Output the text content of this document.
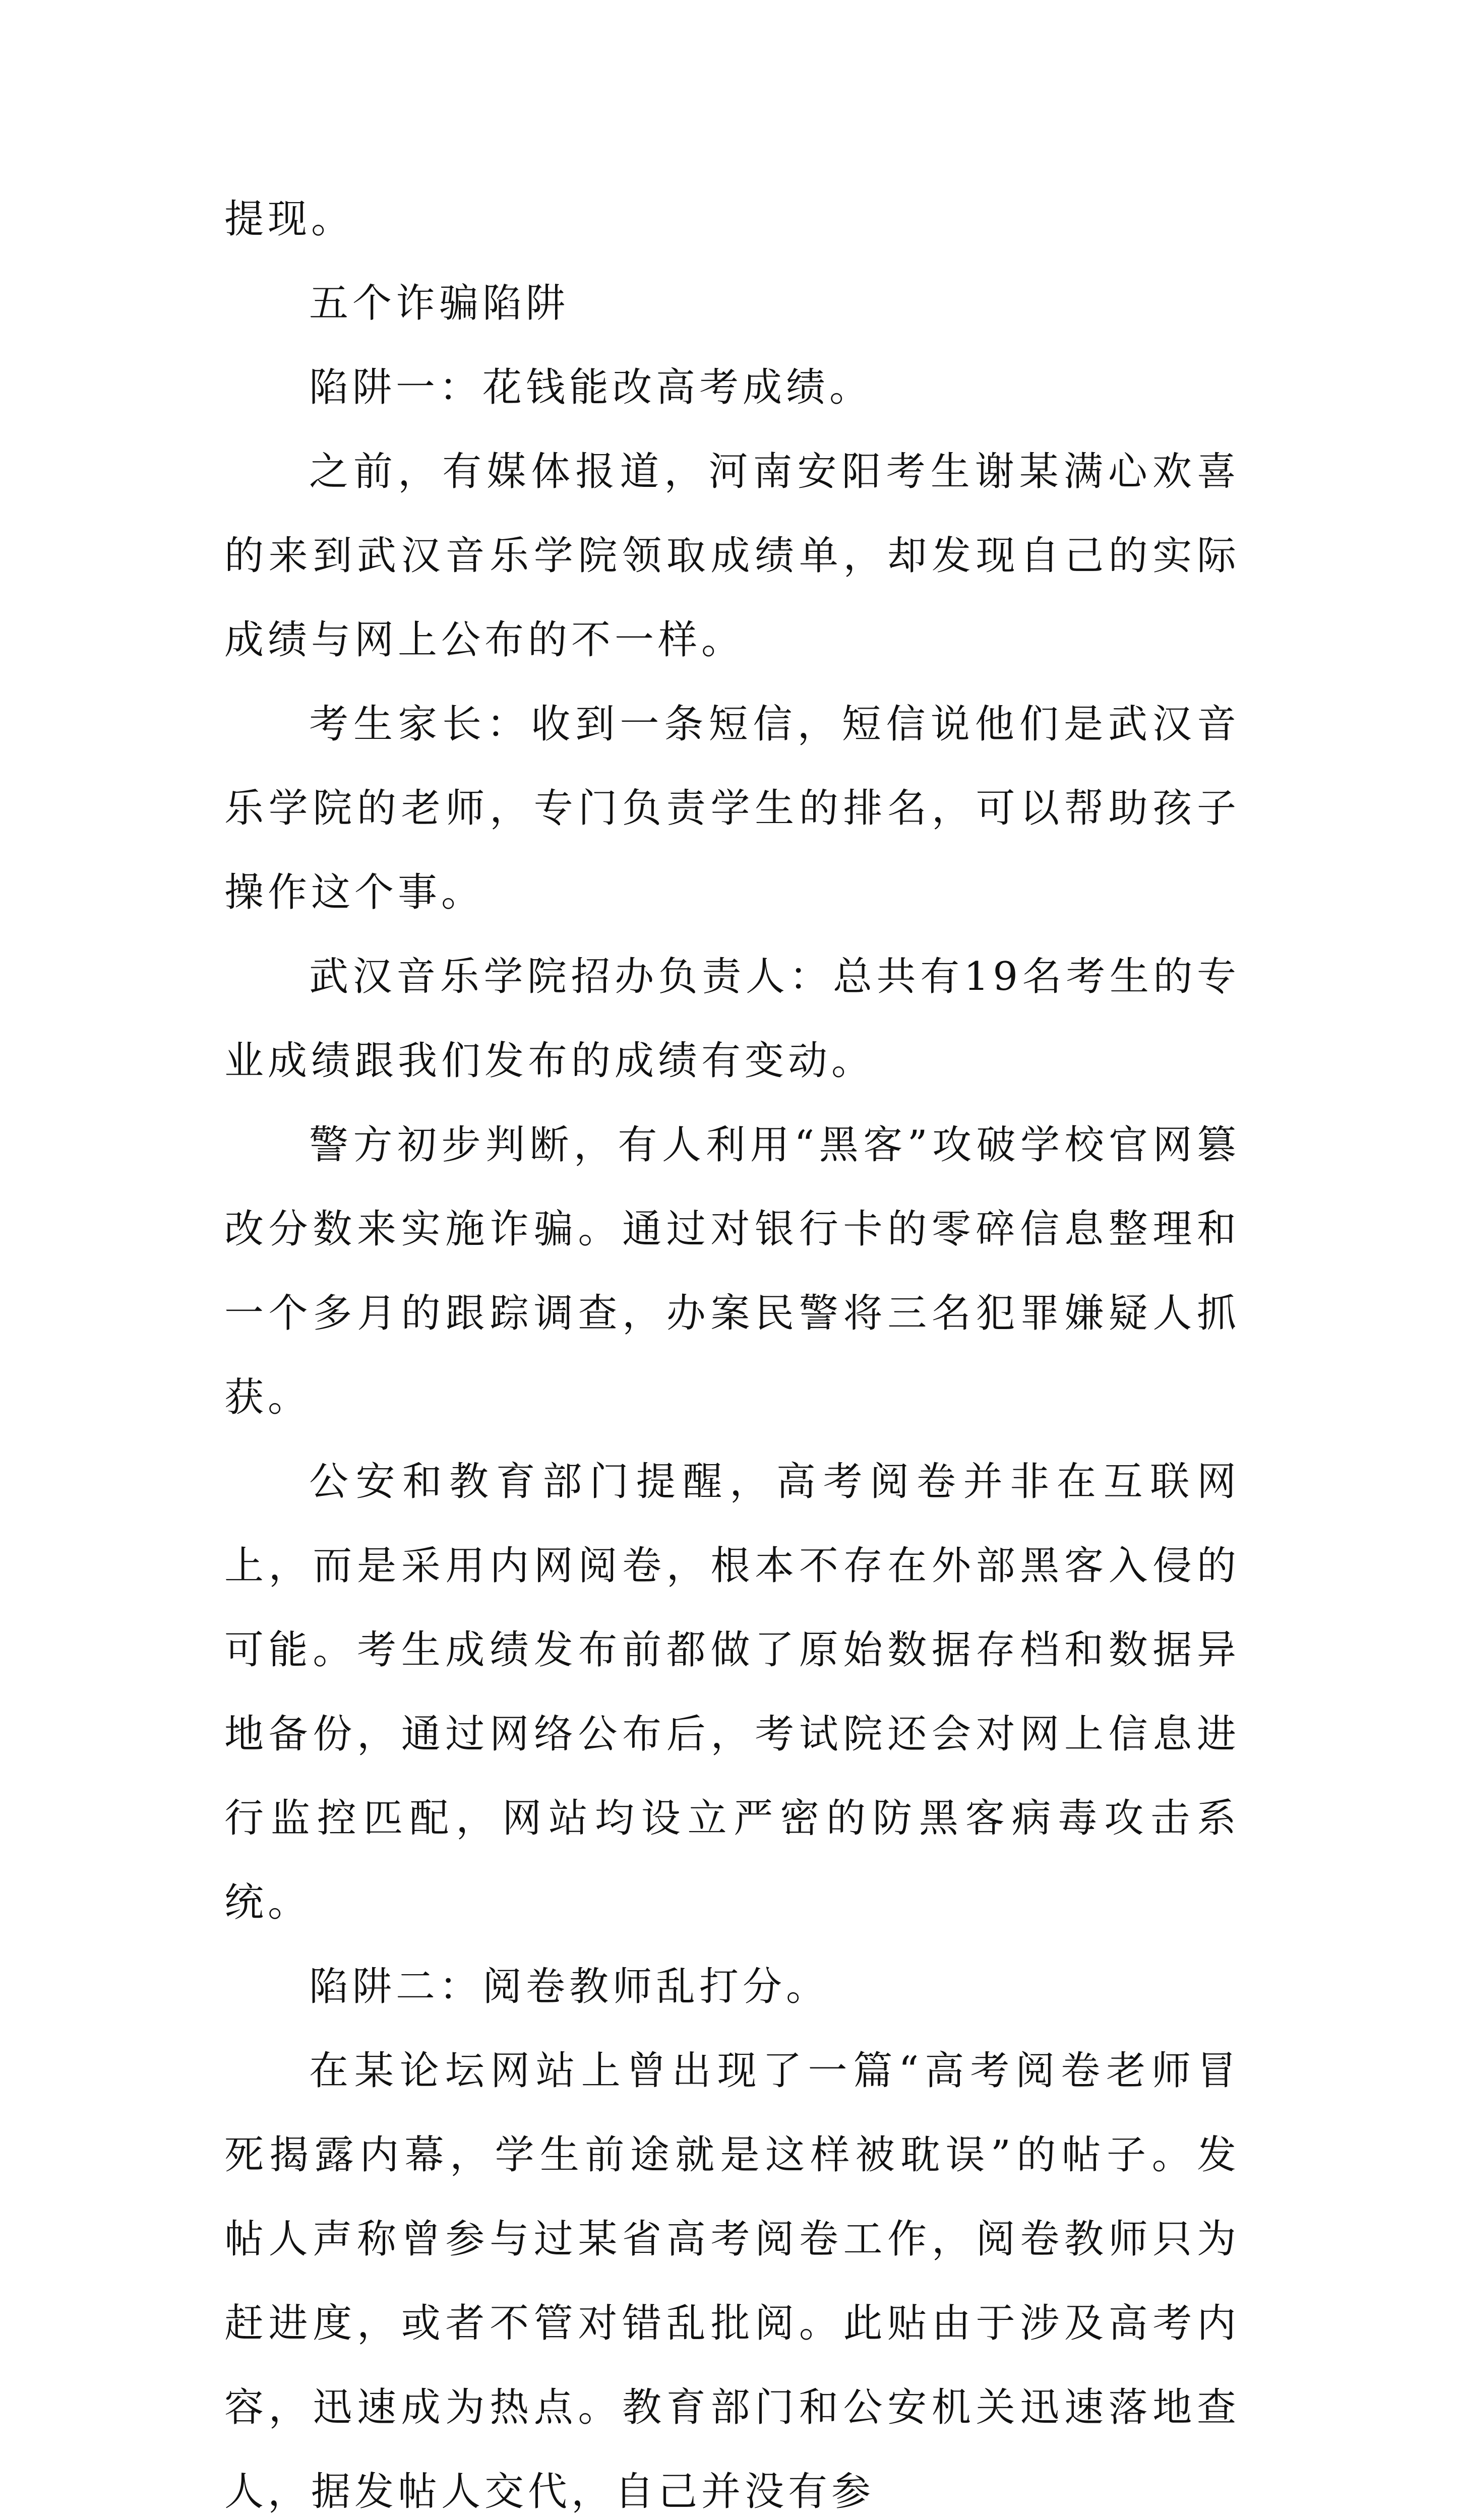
提现。

五个诈骗陷阱

陷阱一：花钱能改高考成绩。

之前，有媒体报道，河南安阳考生谢某满心欢喜的来到武汉音乐学院领取成绩单，却发现自己的实际成绩与网上公布的不一样。

考生家长：收到一条短信，短信说他们是武汉音乐学院的老师，专门负责学生的排名，可以帮助孩子操作这个事。

武汉音乐学院招办负责人：总共有19名考生的专业成绩跟我们发布的成绩有变动。

警方初步判断，有人利用“黑客”攻破学校官网篡改分数来实施诈骗。通过对银行卡的零碎信息整理和一个多月的跟踪调查，办案民警将三名犯罪嫌疑人抓获。

公安和教育部门提醒，高考阅卷并非在互联网上，而是采用内网阅卷，根本不存在外部黑客入侵的可能。考生成绩发布前都做了原始数据存档和数据异地备份，通过网络公布后，考试院还会对网上信息进行监控匹配，网站均设立严密的防黑客病毒攻击系统。

陷阱二：阅卷教师乱打分。

在某论坛网站上曾出现了一篇“高考阅卷老师冒死揭露内幕，学生前途就是这样被耽误”的帖子。发帖人声称曾参与过某省高考阅卷工作，阅卷教师只为赶进度，或者不管对错乱批阅。此贴由于涉及高考内容，迅速成为热点。教育部门和公安机关迅速落地查人，据发帖人交代，自己并没有参
